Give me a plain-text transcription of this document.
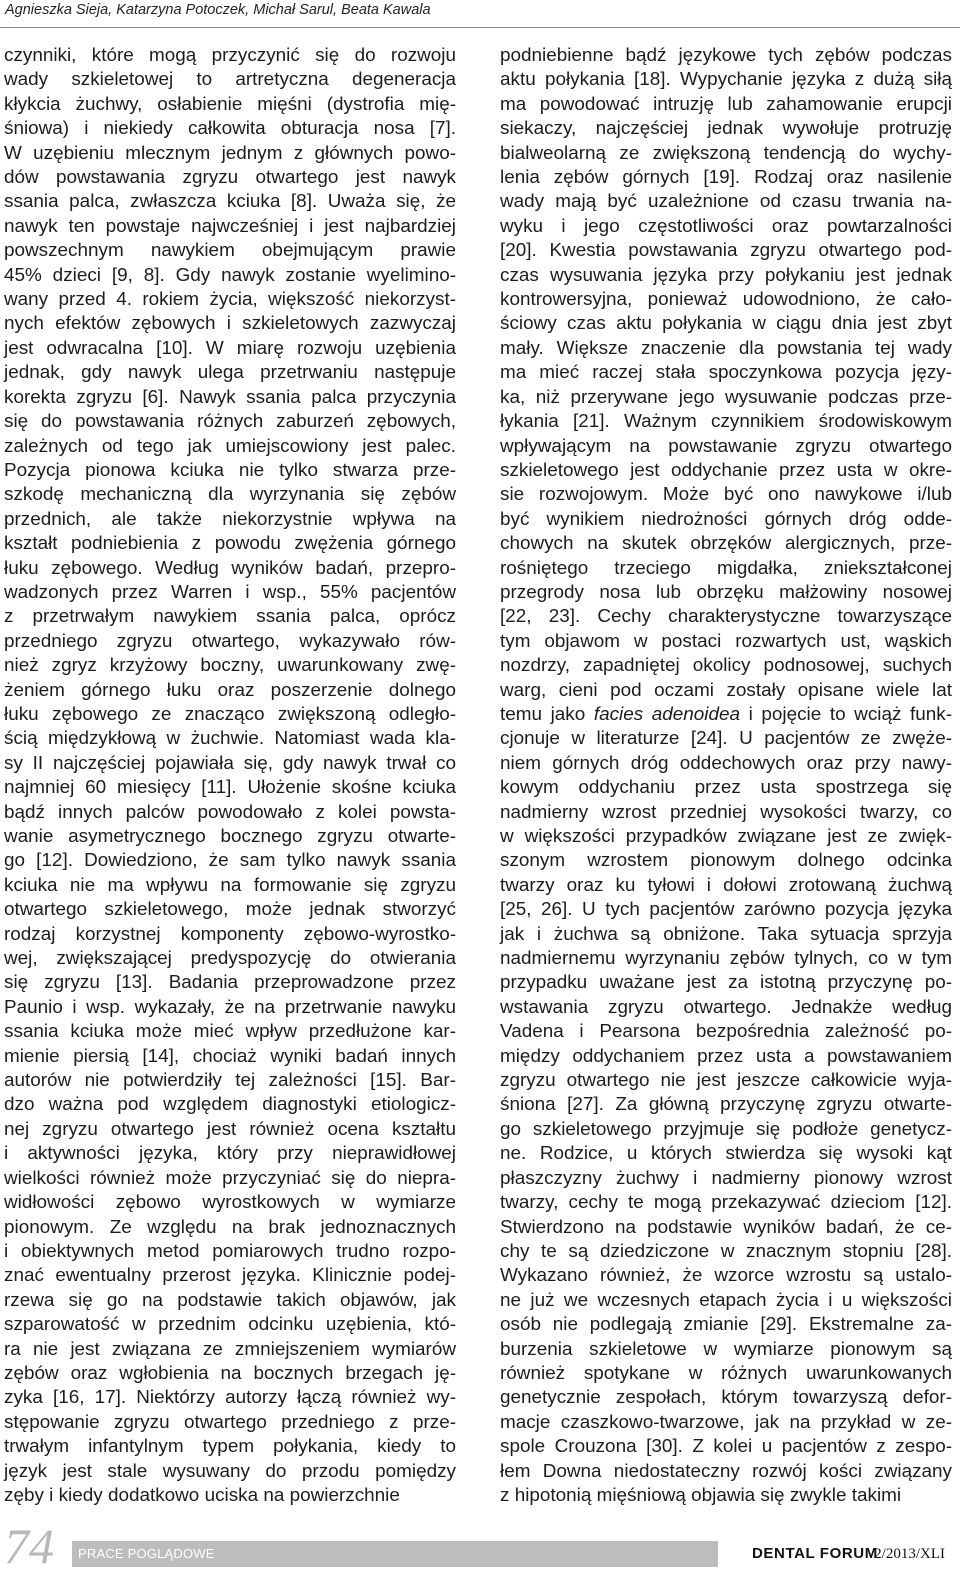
Agnieszka Sieja, Katarzyna Potoczek, Michał Sarul, Beata Kawala
czynniki, które mogą przyczynić się do rozwoju
wady szkieletowej to artretyczna degeneracja
kłykcia żuchwy, osłabienie mięśni (dystrofia mię-
śniowa) i niekiedy całkowita obturacja nosa [7].
W uzębieniu mlecznym jednym z głównych powo-
dów powstawania zgryzu otwartego jest nawyk
ssania palca, zwłaszcza kciuka [8]. Uważa się, że
nawyk ten powstaje najwcześniej i jest najbardziej
powszechnym nawykiem obejmującym prawie
45% dzieci [9, 8]. Gdy nawyk zostanie wyelimino-
wany przed 4. rokiem życia, większość niekorzyst-
nych efektów zębowych i szkieletowych zazwyczaj
jest odwracalna [10]. W miarę rozwoju uzębienia
jednak, gdy nawyk ulega przetrwaniu następuje
korekta zgryzu [6]. Nawyk ssania palca przyczynia
się do powstawania różnych zaburzeń zębowych,
zależnych od tego jak umiejscowiony jest palec.
Pozycja pionowa kciuka nie tylko stwarza prze-
szkodę mechaniczną dla wyrzynania się zębów
przednich, ale także niekorzystnie wpływa na
kształt podniebienia z powodu zwężenia górnego
łuku zębowego. Według wyników badań, przepro-
wadzonych przez Warren i wsp., 55% pacjentów
z przetrwałym nawykiem ssania palca, oprócz
przedniego zgryzu otwartego, wykazywało rów-
nież zgryz krzyżowy boczny, uwarunkowany zwę-
żeniem górnego łuku oraz poszerzenie dolnego
łuku zębowego ze znacząco zwiększoną odległo-
ścią międzykłową w żuchwie. Natomiast wada kla-
sy II najczęściej pojawiała się, gdy nawyk trwał co
najmniej 60 miesięcy [11]. Ułożenie skośne kciuka
bądź innych palców powodowało z kolei powsta-
wanie asymetrycznego bocznego zgryzu otwarte-
go [12]. Dowiedziono, że sam tylko nawyk ssania
kciuka nie ma wpływu na formowanie się zgryzu
otwartego szkieletowego, może jednak stworzyć
rodzaj korzystnej komponenty zębowo-wyrostko-
wej, zwiększającej predyspozycję do otwierania
się zgryzu [13]. Badania przeprowadzone przez
Paunio i wsp. wykazały, że na przetrwanie nawyku
ssania kciuka może mieć wpływ przedłużone kar-
mienie piersią [14], chociaż wyniki badań innych
autorów nie potwierdziły tej zależności [15]. Bar-
dzo ważna pod względem diagnostyki etiologicz-
nej zgryzu otwartego jest również ocena kształtu
i aktywności języka, który przy nieprawidłowej
wielkości również może przyczyniać się do niepra-
widłowości zębowo wyrostkowych w wymiarze
pionowym. Ze względu na brak jednoznacznych
i obiektywnych metod pomiarowych trudno rozpo-
znać ewentualny przerost języka. Klinicznie podej-
rzewa się go na podstawie takich objawów, jak
szparowatość w przednim odcinku uzębienia, któ-
ra nie jest związana ze zmniejszeniem wymiarów
zębów oraz wgłobienia na bocznych brzegach ję-
zyka [16, 17]. Niektórzy autorzy łączą również wy-
stępowanie zgryzu otwartego przedniego z prze-
trwałym infantylnym typem połykania, kiedy to
język jest stale wysuwany do przodu pomiędzy
zęby i kiedy dodatkowo uciska na powierzchnie
podniebienne bądź językowe tych zębów podczas
aktu połykania [18]. Wypychanie języka z dużą siłą
ma powodować intruzję lub zahamowanie erupcji
siekaczy, najczęściej jednak wywołuje protruzję
bialweolarną ze zwiększoną tendencją do wychy-
lenia zębów górnych [19]. Rodzaj oraz nasilenie
wady mają być uzależnione od czasu trwania na-
wyku i jego częstotliwości oraz powtarzalności
[20]. Kwestia powstawania zgryzu otwartego pod-
czas wysuwania języka przy połykaniu jest jednak
kontrowersyjna, ponieważ udowodniono, że cało-
ściowy czas aktu połykania w ciągu dnia jest zbyt
mały. Większe znaczenie dla powstania tej wady
ma mieć raczej stała spoczynkowa pozycja języ-
ka, niż przerywane jego wysuwanie podczas prze-
łykania [21]. Ważnym czynnikiem środowiskowym
wpływającym na powstawanie zgryzu otwartego
szkieletowego jest oddychanie przez usta w okre-
sie rozwojowym. Może być ono nawykowe i/lub
być wynikiem niedrożności górnych dróg odde-
chowych na skutek obrzęków alergicznych, prze-
rośniętego trzeciego migdałka, zniekształconej
przegrody nosa lub obrzęku małżowiny nosowej
[22, 23]. Cechy charakterystyczne towarzyszące
tym objawom w postaci rozwartych ust, wąskich
nozdrzy, zapadniętej okolicy podnosowej, suchych
warg, cieni pod oczami zostały opisane wiele lat
temu jako facies adenoidea i pojęcie to wciąż funk-
cjonuje w literaturze [24]. U pacjentów ze zwęże-
niem górnych dróg oddechowych oraz przy nawy-
kowym oddychaniu przez usta spostrzega się
nadmierny wzrost przedniej wysokości twarzy, co
w większości przypadków związane jest ze zwięk-
szonym wzrostem pionowym dolnego odcinka
twarzy oraz ku tyłowi i dołowi zrotowaną żuchwą
[25, 26]. U tych pacjentów zarówno pozycja języka
jak i żuchwa są obniżone. Taka sytuacja sprzyja
nadmiernemu wyrzynaniu zębów tylnych, co w tym
przypadku uważane jest za istotną przyczynę po-
wstawania zgryzu otwartego. Jednakże według
Vadena i Pearsona bezpośrednia zależność po-
między oddychaniem przez usta a powstawaniem
zgryzu otwartego nie jest jeszcze całkowicie wyja-
śniona [27]. Za główną przyczynę zgryzu otwarte-
go szkieletowego przyjmuje się podłoże genetycz-
ne. Rodzice, u których stwierdza się wysoki kąt
płaszczyzny żuchwy i nadmierny pionowy wzrost
twarzy, cechy te mogą przekazywać dzieciom [12].
Stwierdzono na podstawie wyników badań, że ce-
chy te są dziedziczone w znacznym stopniu [28].
Wykazano również, że wzorce wzrostu są ustalo-
ne już we wczesnych etapach życia i u większości
osób nie podlegają zmianie [29]. Ekstremalne za-
burzenia szkieletowe w wymiarze pionowym są
również spotykane w różnych uwarunkowanych
genetycznie zespołach, którym towarzyszą defor-
macje czaszkowo-twarzowe, jak na przykład w ze-
spole Crouzona [30]. Z kolei u pacjentów z zespo-
łem Downa niedostateczny rozwój kości związany
z hipotonią mięśniową objawia się zwykle takimi
74 PRACE POGLĄDOWE	DENTAL FORUM
/2/2013/XLI
